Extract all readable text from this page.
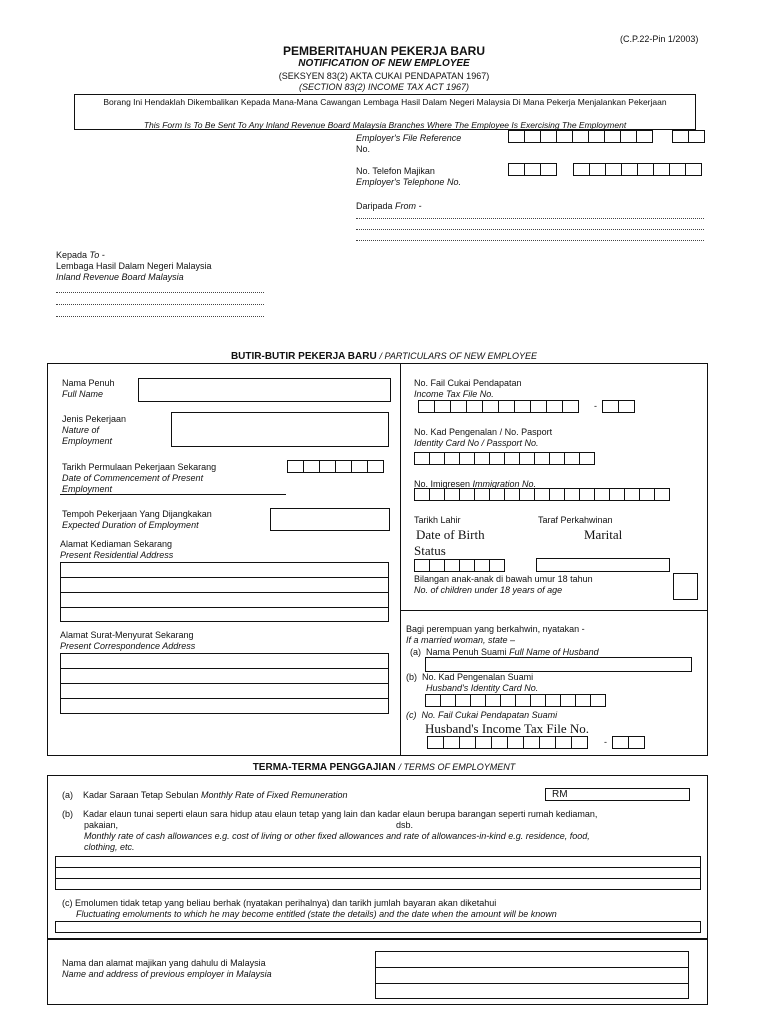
(C.P.22-Pin 1/2003)
PEMBERITAHUAN PEKERJA BARU
NOTIFICATION OF NEW EMPLOYEE
(SEKSYEN 83(2) AKTA CUKAI PENDAPATAN 1967)
(SECTION 83(2) INCOME TAX ACT 1967)
Borang Ini Hendaklah Dikembalikan Kepada Mana-Mana Cawangan Lembaga Hasil Dalam Negeri Malaysia Di Mana Pekerja Menjalankan Pekerjaan
This Form Is To Be Sent To Any Inland Revenue Board Malaysia Branches Where The Employee Is Exercising The Employment
Employer's File Reference
No.
No. Telefon Majikan
Employer's Telephone No.
Daripada From -
Kepada To -
Lembaga Hasil Dalam Negeri Malaysia
Inland Revenue Board Malaysia
BUTIR-BUTIR PEKERJA BARU / PARTICULARS OF NEW EMPLOYEE
Nama Penuh
Full Name
Jenis Pekerjaan
Nature of
Employment
Tarikh Permulaan Pekerjaan Sekarang
Date of Commencement of Present
Employment
Tempoh Pekerjaan Yang Dijangkakan
Expected Duration of Employment
Alamat Kediaman Sekarang
Present Residential Address
Alamat Surat-Menyurat Sekarang
Present Correspondence Address
No. Fail Cukai Pendapatan
Income Tax File No.
-
No. Kad Pengenalan / No. Pasport
Identity Card No / Passport No.
No. Imigresen Immigration No.
Tarikh Lahir
Date of Birth
Taraf Perkahwinan
Marital
Status
Bilangan anak-anak di bawah umur 18 tahun
No. of children under 18 years of age
Bagi perempuan yang berkahwin, nyatakan -
If a married woman, state –
(a) Nama Penuh Suami Full Name of Husband
(b) No. Kad Pengenalan Suami
Husband's Identity Card No.
(c) No. Fail Cukai Pendapatan Suami
Husband's Income Tax File No.
-
TERMA-TERMA PENGGAJIAN / TERMS OF EMPLOYMENT
(a) Kadar Saraan Tetap Sebulan Monthly Rate of Fixed Remuneration	RM
(b) Kadar elaun tunai seperti elaun sara hidup atau elaun tetap yang lain dan kadar elaun berupa barangan seperti rumah kediaman,
pakaian,	dsb.
Monthly rate of cash allowances e.g. cost of living or other fixed allowances and rate of allowances-in-kind e.g. residence, food,
clothing, etc.
(c) Emolumen tidak tetap yang beliau berhak (nyatakan perihalnya) dan tarikh jumlah bayaran akan diketahui
Fluctuating emoluments to which he may become entitled (state the details) and the date when the amount will be known
Nama dan alamat majikan yang dahulu di Malaysia
Name and address of previous employer in Malaysia
